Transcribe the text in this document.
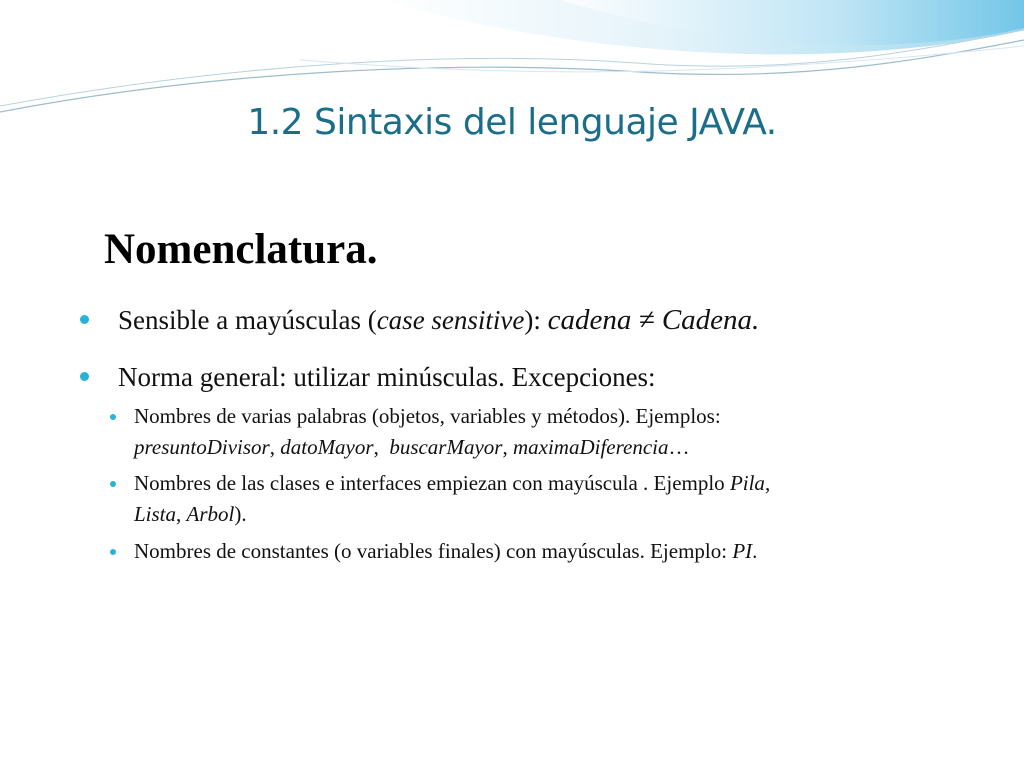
1.2 Sintaxis del lenguaje JAVA.
Nomenclatura.
Sensible a mayúsculas (case sensitive): cadena ≠ Cadena.
Norma general: utilizar minúsculas. Excepciones:
Nombres de varias palabras (objetos, variables y métodos). Ejemplos:
presuntoDivisor, datoMayor,  buscarMayor, maximaDiferencia…
Nombres de las clases e interfaces empiezan con mayúscula . Ejemplo Pila,
Lista, Arbol).
Nombres de constantes (o variables finales) con mayúsculas. Ejemplo: PI.
